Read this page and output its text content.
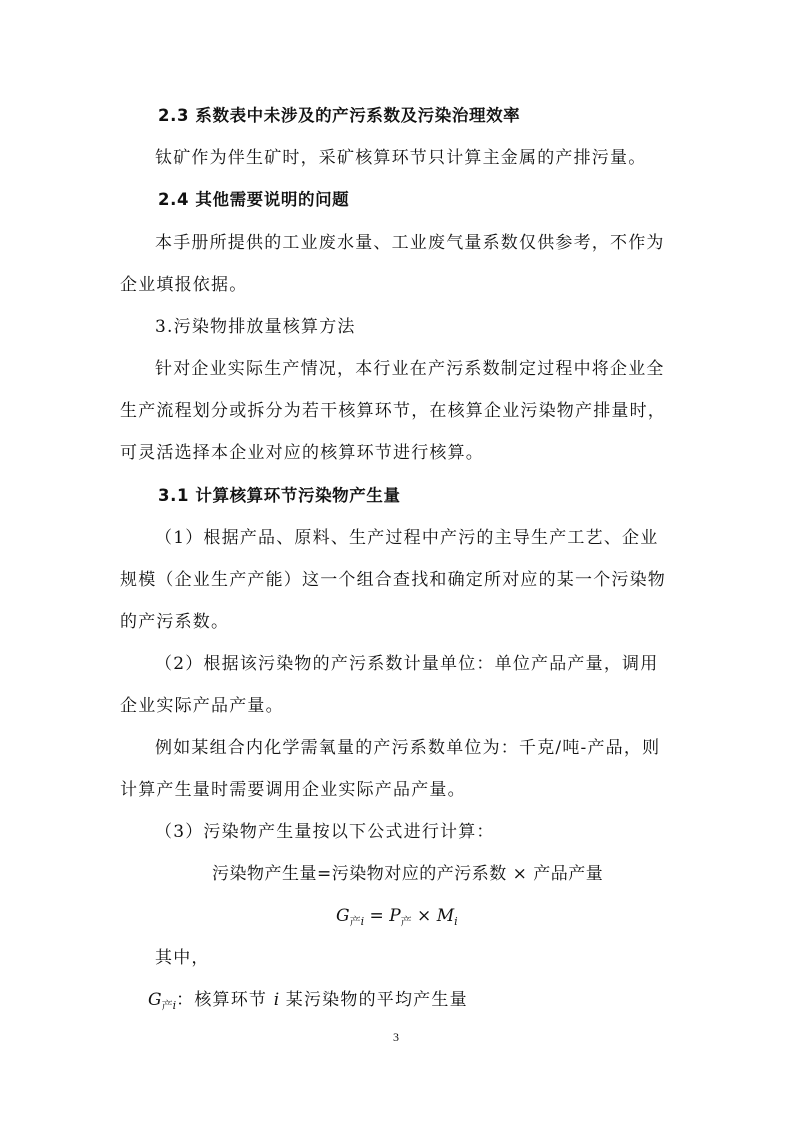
2.3 系数表中未涉及的产污系数及污染治理效率
钛矿作为伴生矿时，采矿核算环节只计算主金属的产排污量。
2.4 其他需要说明的问题
本手册所提供的工业废水量、工业废气量系数仅供参考，不作为
企业填报依据。
3.污染物排放量核算方法
针对企业实际生产情况，本行业在产污系数制定过程中将企业全
生产流程划分或拆分为若干核算环节，在核算企业污染物产排量时，
可灵活选择本企业对应的核算环节进行核算。
3.1 计算核算环节污染物产生量
（1）根据产品、原料、生产过程中产污的主导生产工艺、企业
规模（企业生产产能）这一个组合查找和确定所对应的某一个污染物
的产污系数。
（2）根据该污染物的产污系数计量单位：单位产品产量，调用
企业实际产品产量。
例如某组合内化学需氧量的产污系数单位为：千克/吨-产品，则
计算产生量时需要调用企业实际产品产量。
（3）污染物产生量按以下公式进行计算：
污染物产生量=污染物对应的产污系数 × 产品产量
$G_{产i} = P_产 \times M_i$
其中，
$G_{产i}$：核算环节 i 某污染物的平均产生量
3
